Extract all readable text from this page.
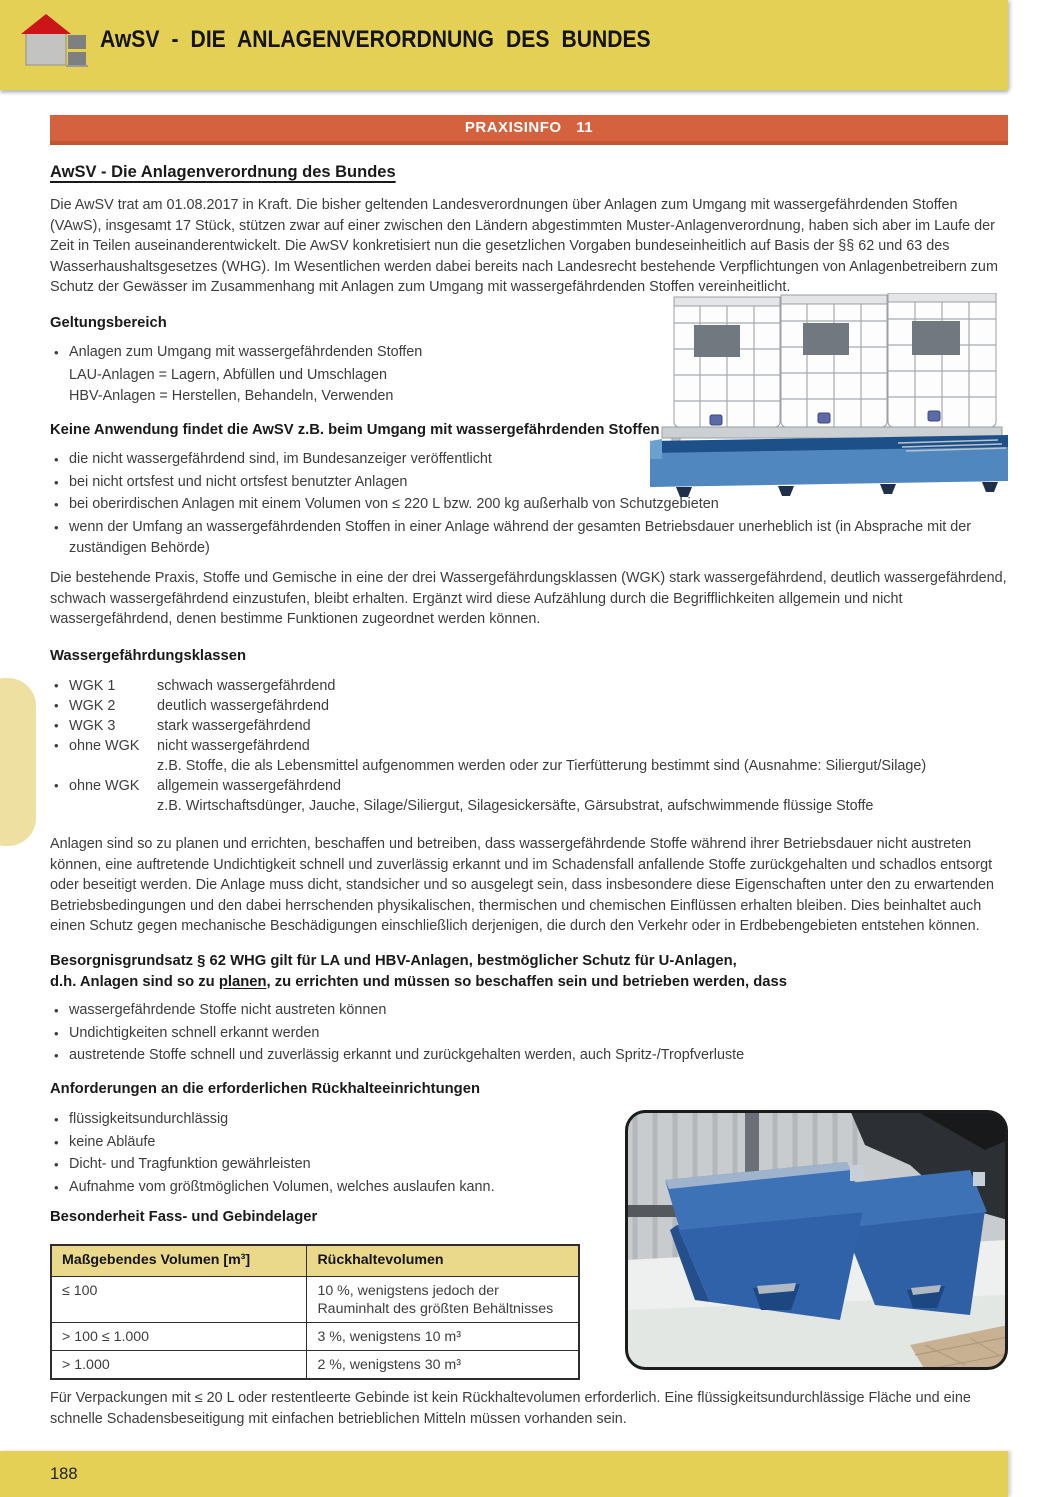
AwSV - DIE ANLAGENVERORDNUNG DES BUNDES
PRAXISINFO 11
AwSV - Die Anlagenverordnung des Bundes

Die AwSV trat am 01.08.2017 in Kraft. Die bisher geltenden Landesverordnungen über Anlagen zum Umgang mit wassergefährdenden Stoffen (VAwS), insgesamt 17 Stück, stützen zwar auf einer zwischen den Ländern abgestimmten Muster-Anlagenverordnung, haben sich aber im Laufe der Zeit in Teilen auseinanderentwickelt. Die AwSV konkretisiert nun die gesetzlichen Vorgaben bundeseinheitlich auf Basis der §§ 62 und 63 des Wasserhaushaltsgesetzes (WHG). Im Wesentlichen werden dabei bereits nach Landesrecht bestehende Verpflichtungen von Anlagenbetreibern zum Schutz der Gewässer im Zusammenhang mit Anlagen zum Umgang mit wassergefährdenden Stoffen vereinheitlicht.

Geltungsbereich
• Anlagen zum Umgang mit wassergefährdenden Stoffen
LAU-Anlagen = Lagern, Abfüllen und Umschlagen
HBV-Anlagen = Herstellen, Behandeln, Verwenden
Keine Anwendung findet die AwSV z.B. beim Umgang mit wassergefährdenden Stoffen
• die nicht wassergefährdend sind, im Bundesanzeiger veröffentlicht
• bei nicht ortsfest und nicht ortsfest benutzter Anlagen
• bei oberirdischen Anlagen mit einem Volumen von ≤ 220 L bzw. 200 kg außerhalb von Schutzgebieten
• wenn der Umfang an wassergefährdenden Stoffen in einer Anlage während der gesamten Betriebsdauer unerheblich ist (in Absprache mit der zuständigen Behörde)

Die bestehende Praxis, Stoffe und Gemische in eine der drei Wassergefährdungsklassen (WGK) stark wassergefährdend, deutlich wassergefährdend, schwach wassergefährdend einzustufen, bleibt erhalten. Ergänzt wird diese Aufzählung durch die Begrifflichkeiten allgemein und nicht wassergefährdend, denen bestimme Funktionen zugeordnet werden können.

Wassergefährdungsklassen
• WGK 1	schwach wassergefährdend
• WGK 2	deutlich wassergefährdend
• WGK 3	stark wassergefährdend
• ohne WGK	nicht wassergefährdend
z.B. Stoffe, die als Lebensmittel aufgenommen werden oder zur Tierfütterung bestimmt sind (Ausnahme: Siliergut/Silage)
• ohne WGK	allgemein wassergefährdend
z.B. Wirtschaftsdünger, Jauche, Silage/Siliergut, Silagesickersäfte, Gärsubstrat, aufschwimmende flüssige Stoffe

Anlagen sind so zu planen und errichten, beschaffen und betreiben, dass wassergefährdende Stoffe während ihrer Betriebsdauer nicht austreten können, eine auftretende Undichtigkeit schnell und zuverlässig erkannt und im Schadensfall anfallende Stoffe zurückgehalten und schadlos entsorgt oder beseitigt werden. Die Anlage muss dicht, standsicher und so ausgelegt sein, dass insbesondere diese Eigenschaften unter den zu erwartenden Betriebsbedingungen und den dabei herrschenden physikalischen, thermischen und chemischen Einflüssen erhalten bleiben. Dies beinhaltet auch einen Schutz gegen mechanische Beschädigungen einschließlich derjenigen, die durch den Verkehr oder in Erdbebengebieten entstehen können.

Besorgnisgrundsatz § 62 WHG gilt für LA und HBV-Anlagen, bestmöglicher Schutz für U-Anlagen,
d.h. Anlagen sind so zu planen, zu errichten und müssen so beschaffen sein und betrieben werden, dass
• wassergefährdende Stoffe nicht austreten können
• Undichtigkeiten schnell erkannt werden
• austretende Stoffe schnell und zuverlässig erkannt und zurückgehalten werden, auch Spritz-/Tropfverluste
Anforderungen an die erforderlichen Rückhalteeinrichtungen
• flüssigkeitsundurchlässig
• keine Abläufe
• Dicht- und Tragfunktion gewährleisten
• Aufnahme vom größtmöglichen Volumen, welches auslaufen kann.
Besonderheit Fass- und Gebindelager
Maßgebendes Volumen [m³]	Rückhaltevolumen
≤ 100	10 %, wenigstens jedoch der Rauminhalt des größten Behältnisses
> 100 ≤ 1.000	3 %, wenigstens 10 m³
> 1.000	2 %, wenigstens 30 m³

Für Verpackungen mit ≤ 20 L oder restentleerte Gebinde ist kein Rückhaltevolumen erforderlich. Eine flüssigkeitsundurchlässige Fläche und eine schnelle Schadensbeseitigung mit einfachen betrieblichen Mitteln müssen vorhanden sein.

188
